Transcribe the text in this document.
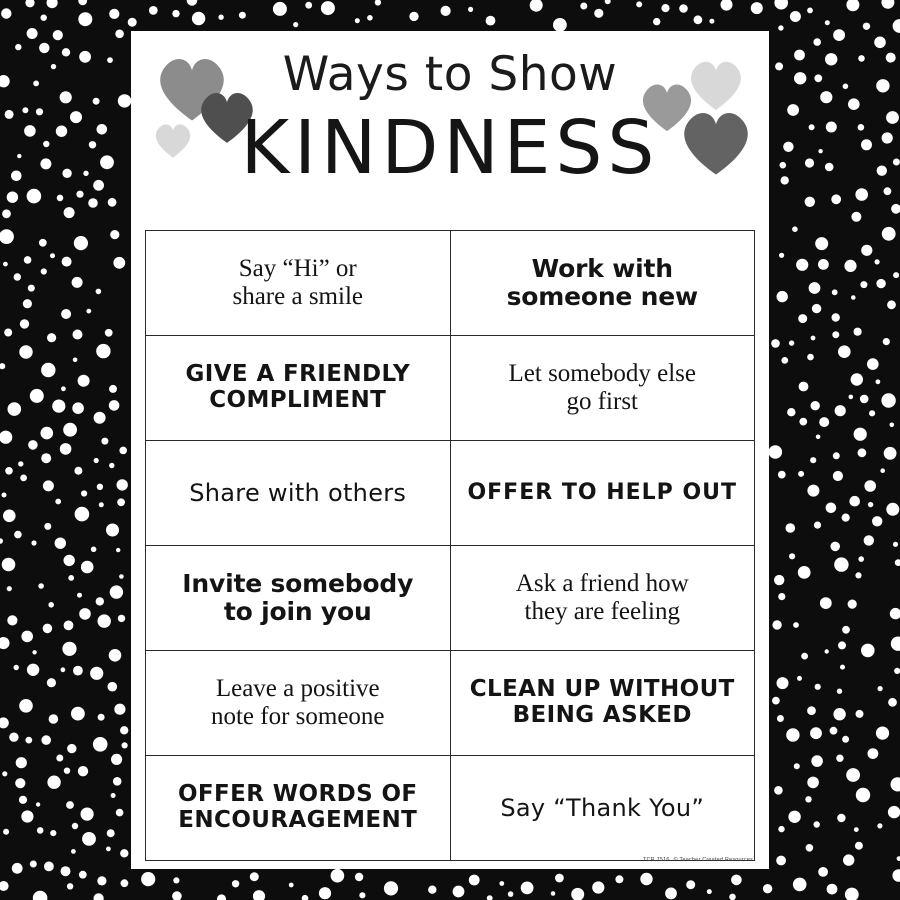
Ways to Show
KINDNESS
Say “Hi” or
share a smile	Work with
someone new

GIVE A FRIENDLY
COMPLIMENT	Let somebody else
go first

Share with others	OFFER TO HELP OUT

Invite somebody
to join you	Ask a friend how
they are feeling

Leave a positive
note for someone	CLEAN UP WITHOUT
BEING ASKED

OFFER WORDS OF
ENCOURAGEMENT	Say “Thank You”
TCR 7516 © Teacher Created Resources
